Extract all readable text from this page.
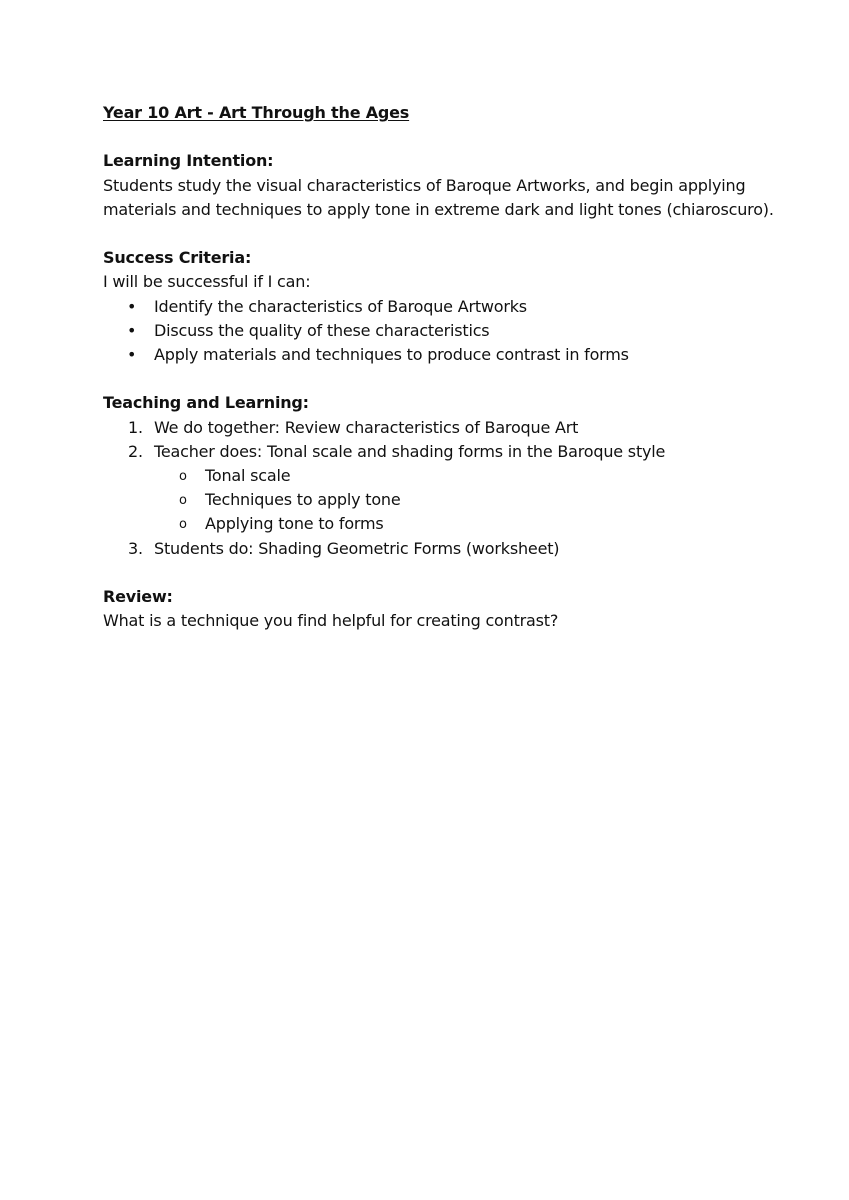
Year 10 Art - Art Through the Ages

Learning Intention:

Students study the visual characteristics of Baroque Artworks, and begin applying materials and techniques to apply tone in extreme dark and light tones (chiaroscuro).

Success Criteria:

I will be successful if I can:

• Identify the characteristics of Baroque Artworks
• Discuss the quality of these characteristics
• Apply materials and techniques to produce contrast in forms

Teaching and Learning:

1. We do together: Review characteristics of Baroque Art
2. Teacher does: Tonal scale and shading forms in the Baroque style
o Tonal scale
o Techniques to apply tone
o Applying tone to forms
3. Students do: Shading Geometric Forms (worksheet)

Review:

What is a technique you find helpful for creating contrast?
